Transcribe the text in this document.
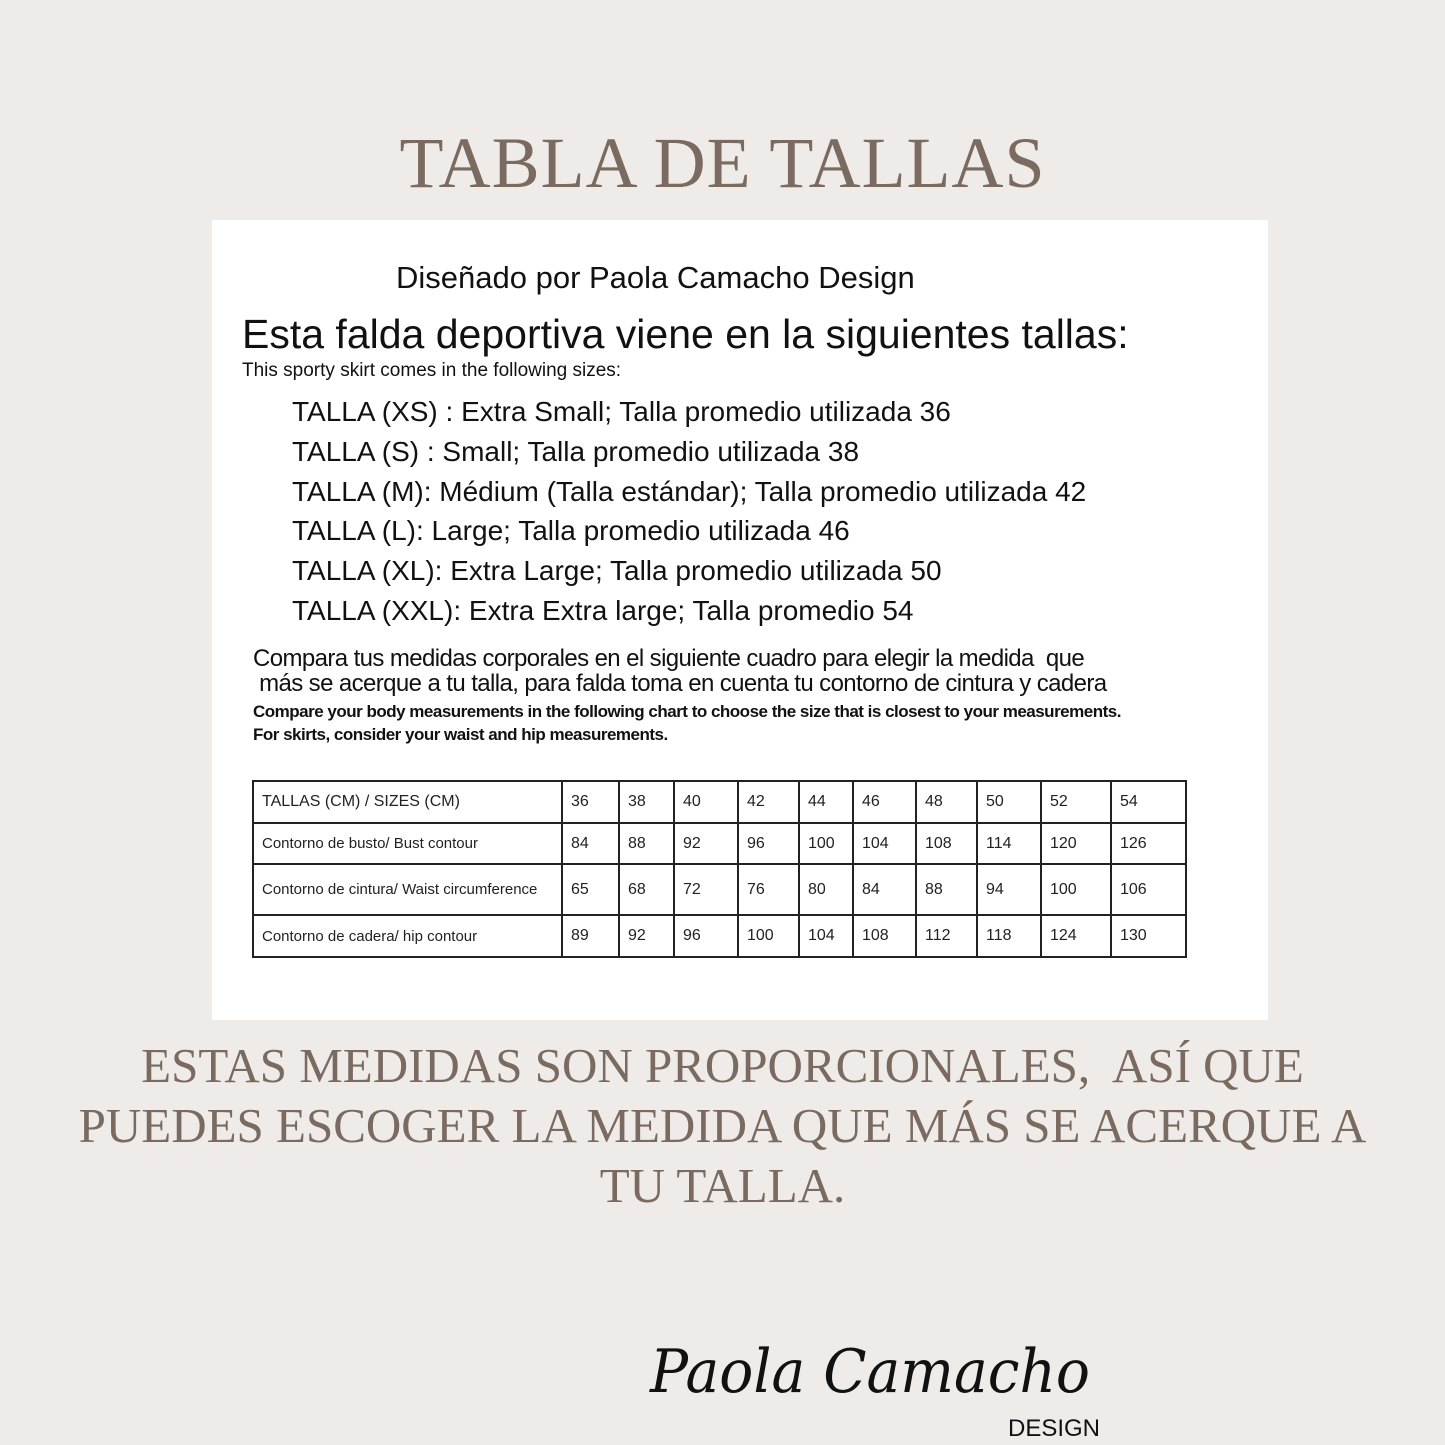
TABLA DE TALLAS
Diseñado por Paola Camacho Design
Esta falda deportiva viene en la siguientes tallas:
This sporty skirt comes in the following sizes:
TALLA (XS) : Extra Small; Talla promedio utilizada 36
TALLA (S) : Small; Talla promedio utilizada 38
TALLA (M): Médium (Talla estándar); Talla promedio utilizada 42
TALLA (L): Large; Talla promedio utilizada 46
TALLA (XL): Extra Large; Talla promedio utilizada 50
TALLA (XXL): Extra Extra large; Talla promedio 54
Compara tus medidas corporales en el siguiente cuadro para elegir la medida  que
más se acerque a tu talla, para falda toma en cuenta tu contorno de cintura y cadera
Compare your body measurements in the following chart to choose the size that is closest to your measurements.
For skirts, consider your waist and hip measurements.
TALLAS (CM) / SIZES (CM)	36	38	40	42	44	46	48	50	52	54
Contorno de busto/ Bust contour	84	88	92	96	100	104	108	114	120	126
Contorno de cintura/ Waist circumference	65	68	72	76	80	84	88	94	100	106
Contorno de cadera/ hip contour	89	92	96	100	104	108	112	118	124	130
ESTAS MEDIDAS SON PROPORCIONALES,  ASÍ QUE
PUEDES ESCOGER LA MEDIDA QUE MÁS SE ACERQUE A
TU TALLA.
Paola Camacho
DESIGN
